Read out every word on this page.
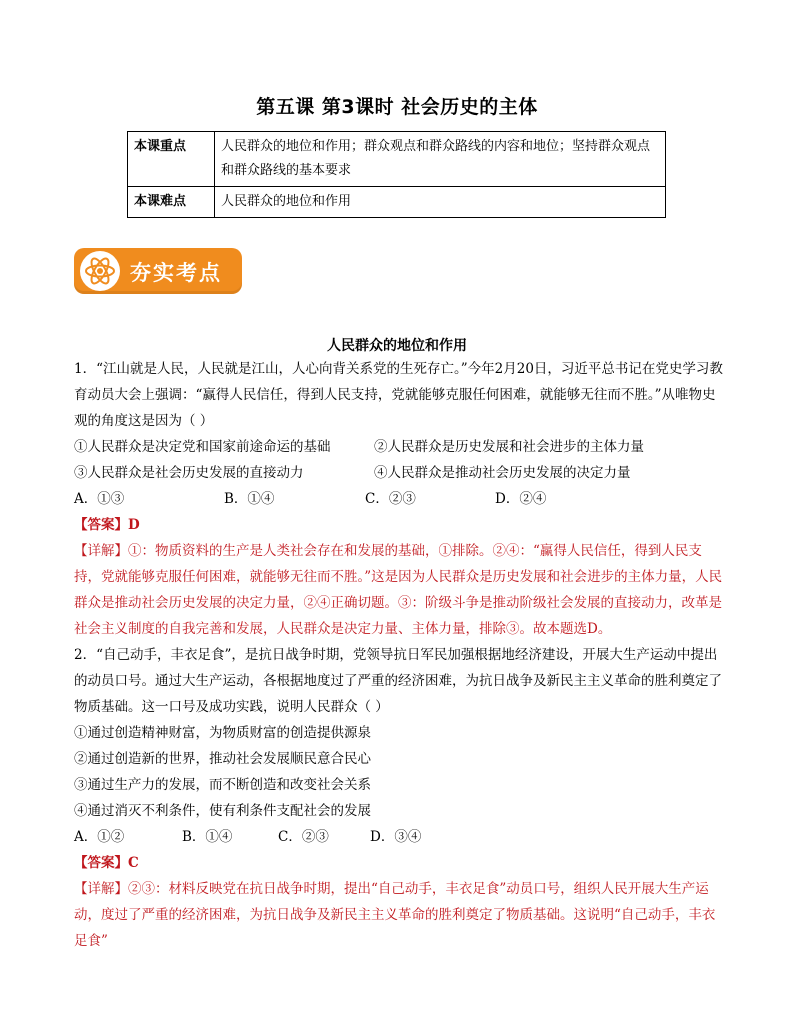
第五课 第3课时 社会历史的主体
本课重点	人民群众的地位和作用；群众观点和群众路线的内容和地位；坚持群众观点和群众路线的基本要求
本课难点	人民群众的地位和作用
夯实考点
人民群众的地位和作用

1．“江山就是人民，人民就是江山，人心向背关系党的生死存亡。”今年2月20日，习近平总书记在党史学习教育动员大会上强调：“赢得人民信任，得到人民支持，党就能够克服任何困难，就能够无往而不胜。”从唯物史观的角度这是因为（ ）

①人民群众是决定党和国家前途命运的基础	②人民群众是历史发展和社会进步的主体力量
③人民群众是社会历史发展的直接动力	④人民群众是推动社会历史发展的决定力量
A．①③	B．①④	C．②③	D．②④

【答案】D

【详解】①：物质资料的生产是人类社会存在和发展的基础，①排除。②④：“赢得人民信任，得到人民支持，党就能够克服任何困难，就能够无往而不胜。”这是因为人民群众是历史发展和社会进步的主体力量，人民群众是推动社会历史发展的决定力量，②④正确切题。③：阶级斗争是推动阶级社会发展的直接动力，改革是社会主义制度的自我完善和发展，人民群众是决定力量、主体力量，排除③。故本题选D。

2．“自己动手，丰衣足食”，是抗日战争时期，党领导抗日军民加强根据地经济建设，开展大生产运动中提出的动员口号。通过大生产运动，各根据地度过了严重的经济困难，为抗日战争及新民主主义革命的胜利奠定了物质基础。这一口号及成功实践，说明人民群众（ ）

①通过创造精神财富，为物质财富的创造提供源泉

②通过创造新的世界，推动社会发展顺民意合民心

③通过生产力的发展，而不断创造和改变社会关系

④通过消灭不利条件，使有利条件支配社会的发展

A．①②	B．①④	C．②③	D．③④

【答案】C

【详解】②③：材料反映党在抗日战争时期，提出“自己动手，丰衣足食”动员口号，组织人民开展大生产运动，度过了严重的经济困难，为抗日战争及新民主主义革命的胜利奠定了物质基础。这说明“自己动手，丰衣足食”
